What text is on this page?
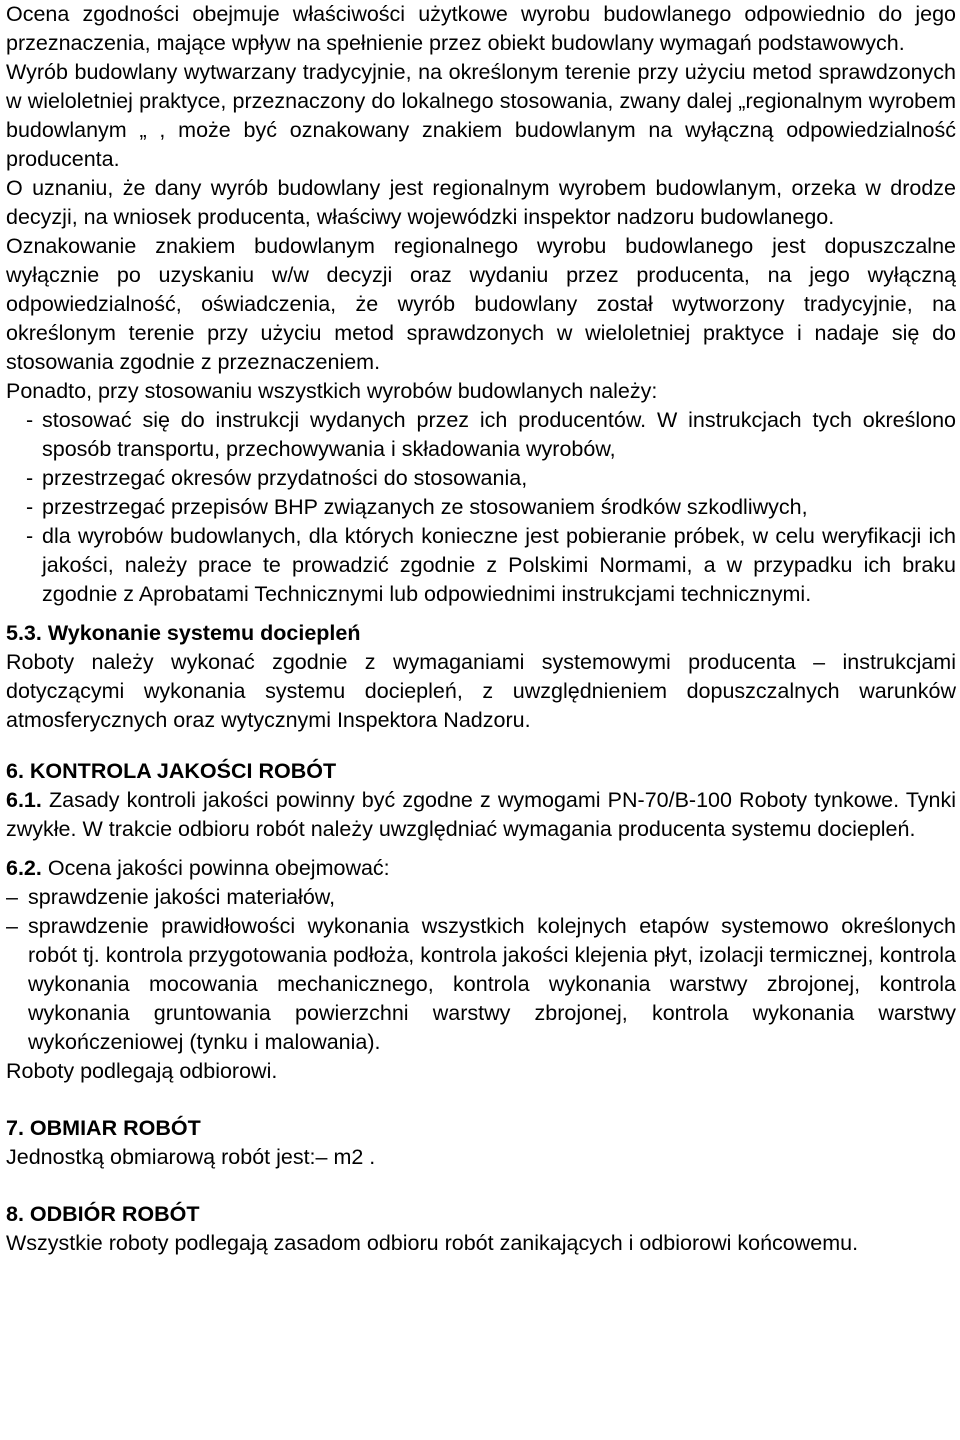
Ocena zgodności obejmuje właściwości użytkowe wyrobu budowlanego odpowiednio do jego przeznaczenia, mające wpływ na spełnienie przez obiekt budowlany wymagań podstawowych.

Wyrób budowlany wytwarzany tradycyjnie, na określonym terenie przy użyciu metod sprawdzonych w wieloletniej praktyce, przeznaczony do lokalnego stosowania, zwany dalej „regionalnym wyrobem budowlanym „ , może być oznakowany znakiem budowlanym na wyłączną odpowiedzialność producenta.

O uznaniu, że dany wyrób budowlany jest regionalnym wyrobem budowlanym, orzeka w drodze decyzji, na wniosek producenta, właściwy wojewódzki inspektor nadzoru budowlanego.

Oznakowanie znakiem budowlanym regionalnego wyrobu budowlanego jest dopuszczalne wyłącznie po uzyskaniu w/w decyzji oraz wydaniu przez producenta, na jego wyłączną odpowiedzialność, oświadczenia, że wyrób budowlany został wytworzony tradycyjnie, na określonym terenie przy użyciu metod sprawdzonych w wieloletniej praktyce i nadaje się do stosowania zgodnie z przeznaczeniem.

Ponadto, przy stosowaniu wszystkich wyrobów budowlanych należy:

- stosować się do instrukcji wydanych przez ich producentów. W instrukcjach tych określono sposób transportu, przechowywania i składowania wyrobów,
- przestrzegać okresów przydatności do stosowania,
- przestrzegać przepisów BHP związanych ze stosowaniem środków szkodliwych,
- dla wyrobów budowlanych, dla których konieczne jest pobieranie próbek, w celu weryfikacji ich jakości, należy prace te prowadzić zgodnie z Polskimi Normami, a w przypadku ich braku zgodnie z Aprobatami Technicznymi lub odpowiednimi instrukcjami technicznymi.

5.3. Wykonanie systemu dociepleń

Roboty należy wykonać zgodnie z wymaganiami systemowymi producenta – instrukcjami dotyczącymi wykonania systemu dociepleń, z uwzględnieniem dopuszczalnych warunków atmosferycznych oraz wytycznymi Inspektora Nadzoru.

6. KONTROLA JAKOŚCI ROBÓT

6.1. Zasady kontroli jakości powinny być zgodne z wymogami PN-70/B-100 Roboty tynkowe. Tynki zwykłe. W trakcie odbioru robót należy uwzględniać wymagania producenta systemu dociepleń.

6.2. Ocena jakości powinna obejmować:

– sprawdzenie jakości materiałów,
– sprawdzenie prawidłowości wykonania wszystkich kolejnych etapów systemowo określonych robót tj. kontrola przygotowania podłoża, kontrola jakości klejenia płyt, izolacji termicznej, kontrola wykonania mocowania mechanicznego, kontrola wykonania warstwy zbrojonej, kontrola wykonania gruntowania powierzchni warstwy zbrojonej, kontrola wykonania warstwy wykończeniowej (tynku i malowania).

Roboty podlegają odbiorowi.

7. OBMIAR ROBÓT

Jednostką obmiarową robót jest:– m2 .

8. ODBIÓR ROBÓT

Wszystkie roboty podlegają zasadom odbioru robót zanikających i odbiorowi końcowemu.
